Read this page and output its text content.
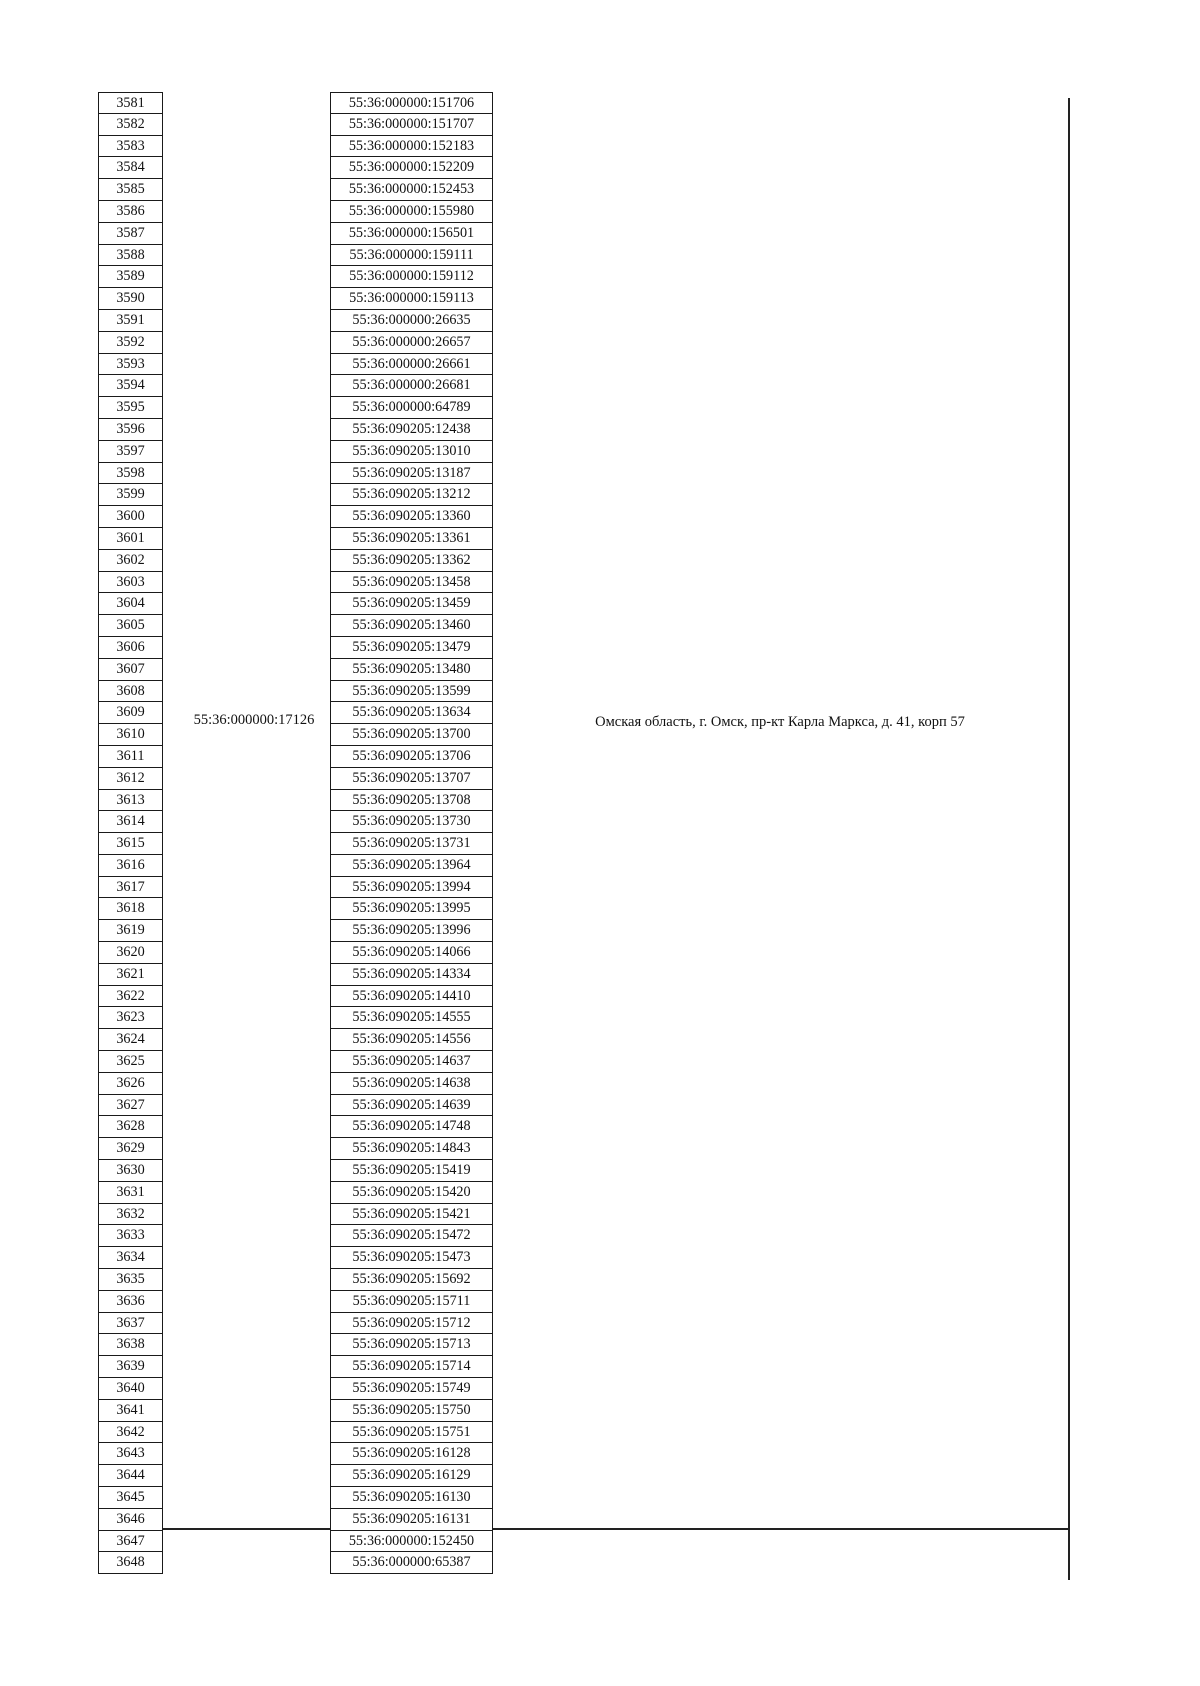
3581
3582
3583
3584
3585
3586
3587
3588
3589
3590
3591
3592
3593
3594
3595
3596
3597
3598
3599
3600
3601
3602
3603
3604
3605
3606
3607
3608
3609
3610
3611
3612
3613
3614
3615
3616
3617
3618
3619
3620
3621
3622
3623
3624
3625
3626
3627
3628
3629
3630
3631
3632
3633
3634
3635
3636
3637
3638
3639
3640
3641
3642
3643
3644
3645
3646
3647
3648
55:36:000000:151706
55:36:000000:151707
55:36:000000:152183
55:36:000000:152209
55:36:000000:152453
55:36:000000:155980
55:36:000000:156501
55:36:000000:159111
55:36:000000:159112
55:36:000000:159113
55:36:000000:26635
55:36:000000:26657
55:36:000000:26661
55:36:000000:26681
55:36:000000:64789
55:36:090205:12438
55:36:090205:13010
55:36:090205:13187
55:36:090205:13212
55:36:090205:13360
55:36:090205:13361
55:36:090205:13362
55:36:090205:13458
55:36:090205:13459
55:36:090205:13460
55:36:090205:13479
55:36:090205:13480
55:36:090205:13599
55:36:090205:13634
55:36:090205:13700
55:36:090205:13706
55:36:090205:13707
55:36:090205:13708
55:36:090205:13730
55:36:090205:13731
55:36:090205:13964
55:36:090205:13994
55:36:090205:13995
55:36:090205:13996
55:36:090205:14066
55:36:090205:14334
55:36:090205:14410
55:36:090205:14555
55:36:090205:14556
55:36:090205:14637
55:36:090205:14638
55:36:090205:14639
55:36:090205:14748
55:36:090205:14843
55:36:090205:15419
55:36:090205:15420
55:36:090205:15421
55:36:090205:15472
55:36:090205:15473
55:36:090205:15692
55:36:090205:15711
55:36:090205:15712
55:36:090205:15713
55:36:090205:15714
55:36:090205:15749
55:36:090205:15750
55:36:090205:15751
55:36:090205:16128
55:36:090205:16129
55:36:090205:16130
55:36:090205:16131
55:36:000000:152450
55:36:000000:65387
55:36:000000:17126	Омская область, г. Омск, пр-кт Карла Маркса, д. 41, корп 57
